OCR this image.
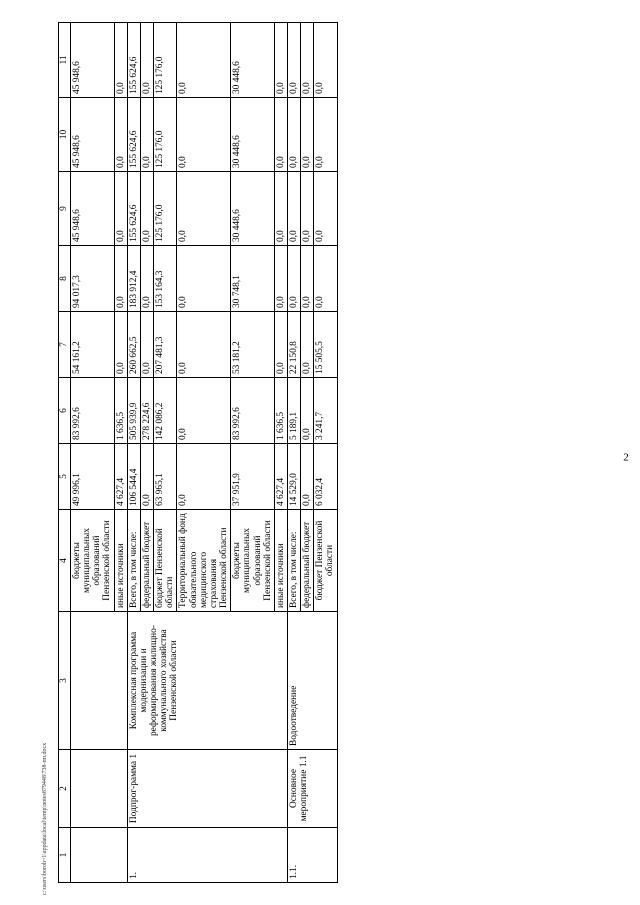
2
c:\users\boroh~1\appdata\local\temp\notes879448\738-пп.docx 1	2	3	4	5	6	7	8	9	10	11
			бюджеты муниципальных образований Пензенской области	49 996,1	83 992,6	54 161,2	94 017,3	45 948,6	45 948,6	45 948,6
			иные источники	4 627,4	1 636,5	0,0	0,0	0,0	0,0	0,0
1.	Подпрог-рамма 1	Комплексная программа модернизации и реформирования жилищно-коммунального хозяйства Пензенской области	Всего, в том числе:	106 544,4	505 939,9	260 662,5	183 912,4	155 624,6	155 624,6	155 624,6
			федеральный бюджет	0,0	278 224,6	0,0	0,0	0,0	0,0	0,0
			бюджет Пензенской области	63 965,1	142 086,2	207 481,3	153 164,3	125 176,0	125 176,0	125 176,0
			Территориальный фонд обязательного медицинского страхования Пензенской области	0,0	0,0	0,0	0,0	0,0	0,0	0,0
			бюджеты муниципальных образований Пензенской области	37 951,9	83 992,6	53 181,2	30 748,1	30 448,6	30 448,6	30 448,6
			иные источники	4 627,4	1 636,5	0,0	0,0	0,0	0,0	0,0
1.1.	Основное мероприятие 1.1	Водоотведение	Всего, в том числе:	14 529,0	5 189,1	22 150,8	0,0	0,0	0,0	0,0
			федеральный бюджет	0,0	0,0	0,0	0,0	0,0	0,0	0,0
			бюджет Пензенской области	6 032,4	3 241,7	15 505,5	0,0	0,0	0,0	0,0
